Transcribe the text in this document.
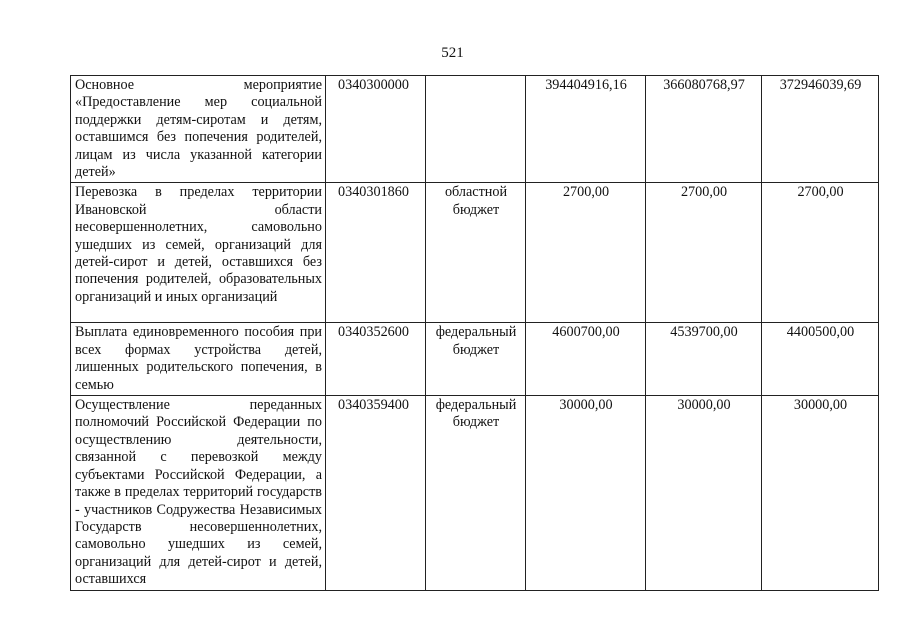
521
Основное мероприятие «Предоставление мер социальной поддержки детям-сиротам и детям, оставшимся без попечения родителей, лицам из числа указанной категории детей»	0340300000		394404916,16	366080768,97	372946039,69
Перевозка в пределах территории Ивановской области несовершеннолетних, самовольно ушедших из семей, организаций для детей-сирот и детей, оставшихся без попечения родителей, образовательных организаций и иных организаций	0340301860	областной бюджет	2700,00	2700,00	2700,00
Выплата единовременного пособия при всех формах устройства детей, лишенных родительского попечения, в семью	0340352600	федеральный бюджет	4600700,00	4539700,00	4400500,00
Осуществление переданных полномочий Российской Федерации по осуществлению деятельности, связанной с перевозкой между субъектами Российской Федерации, а также в пределах территорий государств - участников Содружества Независимых Государств несовершеннолетних, самовольно ушедших из семей, организаций для детей-сирот и детей, оставшихся	0340359400	федеральный бюджет	30000,00	30000,00	30000,00
